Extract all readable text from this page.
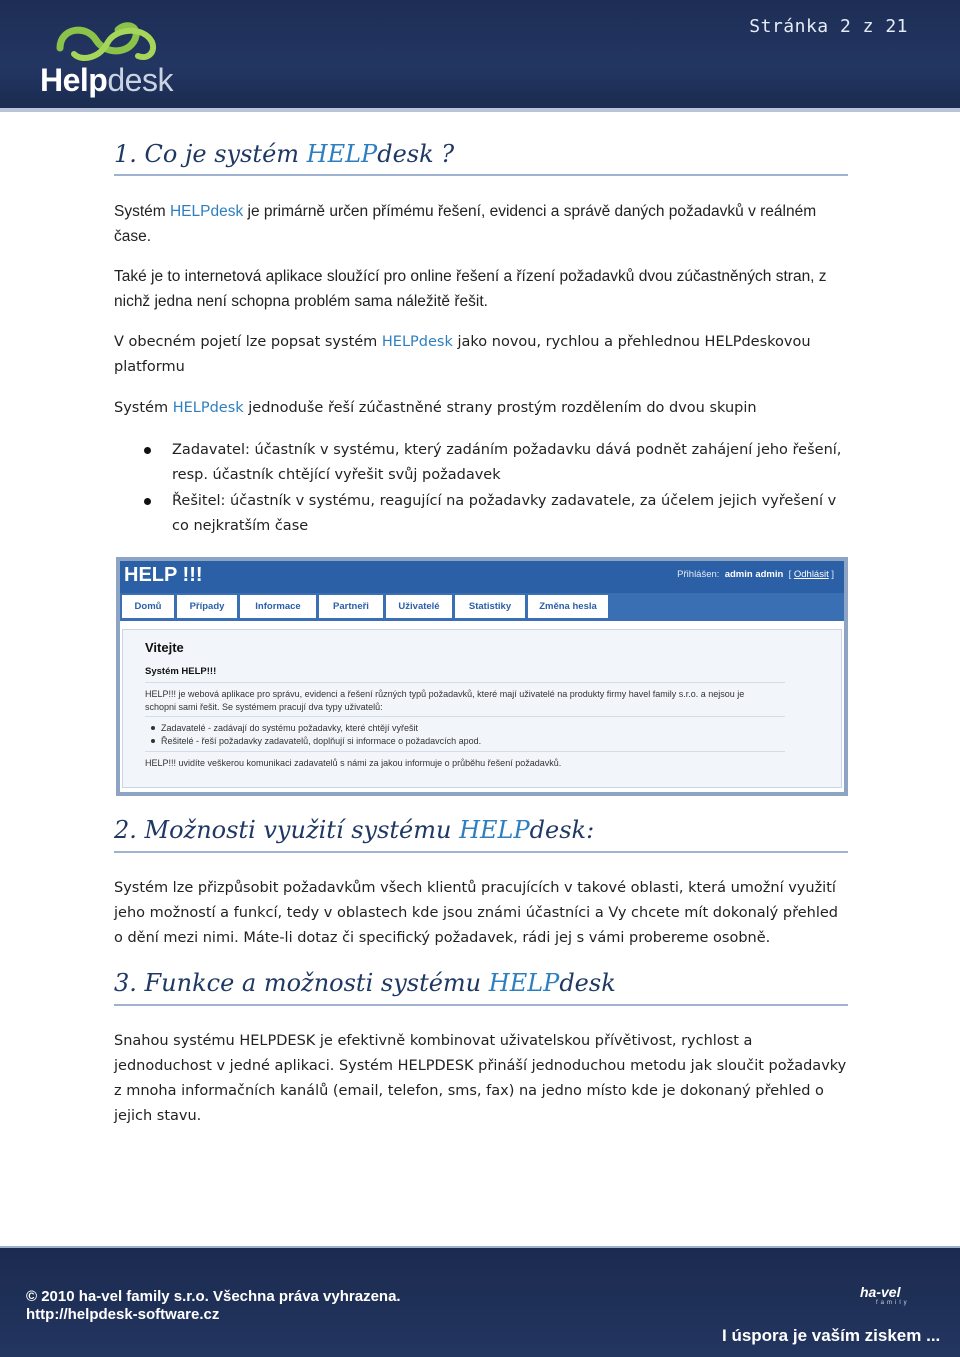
Helpdesk
Stránka 2 z 21
1. Co je systém HELPdesk ?

Systém HELPdesk je primárně určen přímému řešení, evidenci a správě daných požadavků v reálném čase.

Také je to internetová aplikace sloužící pro online řešení a řízení požadavků dvou zúčastněných stran, z nichž jedna není schopna problém sama náležitě řešit.

V obecném pojetí lze popsat systém HELPdesk jako novou, rychlou a přehlednou HELPdeskovou platformu

Systém HELPdesk jednoduše řeší zúčastněné strany prostým rozdělením do dvou skupin

Zadavatel: účastník v systému, který zadáním požadavku dává podnět zahájení jeho řešení, resp. účastník chtějící vyřešit svůj požadavek
Řešitel: účastník v systému, reagující na požadavky zadavatele, za účelem jejich vyřešení v co nejkratším čase
HELP !!!	Přihlášen: admin admin [ Odhlásit ]
Domů	Případy	Informace	Partneři	Uživatelé	Statistiky	Změna hesla
Vitejte
Systém HELP!!!
HELP!!! je webová aplikace pro správu, evidenci a řešení různých typů požadavků, které mají uživatelé na produkty firmy havel family s.r.o. a nejsou je
schopni sami řešit. Se systémem pracují dva typy uživatelů:
Zadavatelé - zadávají do systému požadavky, které chtějí vyřešit
Řešitelé - řeší požadavky zadavatelů, doplňují si informace o požadavcích apod.
HELP!!! uvidíte veškerou komunikaci zadavatelů s námi za jakou informuje o průběhu řešení požadavků.
2. Možnosti využití systému HELPdesk:

Systém lze přizpůsobit požadavkům všech klientů pracujících v takové oblasti, která umožní využití jeho možností a funkcí, tedy v oblastech kde jsou známi účastníci a Vy chcete mít dokonalý přehled o dění mezi nimi. Máte-li dotaz či specifický požadavek, rádi jej s vámi probereme osobně.

3. Funkce a možnosti systému HELPdesk

Snahou systému HELPDESK je efektivně kombinovat uživatelskou přívětivost, rychlost a jednoduchost v jedné aplikaci. Systém HELPDESK přináší jednoduchou metodu jak sloučit požadavky z mnoha informačních kanálů (email, telefon, sms, fax) na jedno místo kde je dokonaný přehled o jejich stavu.

© 2010 ha-vel family s.r.o. Všechna práva vyhrazena.
http://helpdesk-software.cz
ha-vel
family
I úspora je vaším ziskem ...
